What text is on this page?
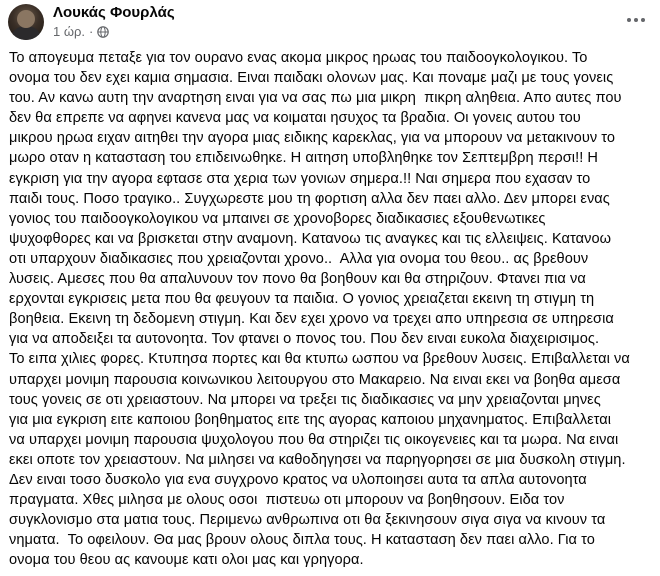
Λουκάς Φουρλάς
1 ώρ. ·
Το απογευμα πεταξε για τον ουρανο ενας ακομα μικρος ηρωας του παιδοογκολογικου. Το
ονομα του δεν εχει καμια σημασια. Ειναι παιδακι ολονων μας. Και ποναμε μαζι με τους γονεις
του. Αν κανω αυτη την αναρτηση ειναι για να σας πω μια μικρη  πικρη αληθεια. Απο αυτες που
δεν θα επρεπε να αφηνει κανενα μας να κοιμαται ησυχος τα βραδια. Οι γονεις αυτου του
μικρου ηρωα ειχαν αιτηθει την αγορα μιας ειδικης καρεκλας, για να μπορουν να μετακινουν το
μωρο οταν η κατασταση του επιδεινωθηκε. Η αιτηση υποβληθηκε τον Σεπτεμβρη περσι!! Η
εγκριση για την αγορα εφτασε στα χερια των γονιων σημερα.!! Ναι σημερα που εχασαν το
παιδι τους. Ποσο τραγικο.. Συγχωρεστε μου τη φορτιση αλλα δεν παει αλλο. Δεν μπορει ενας
γονιος του παιδοογκολογικου να μπαινει σε χρονοβορες διαδικασιες εξουθενωτικες
ψυχοφθορες και να βρισκεται στην αναμονη. Κατανοω τις αναγκες και τις ελλειψεις. Κατανοω
οτι υπαρχουν διαδικασιες που χρειαζονται χρονο..  Αλλα για ονομα του θεου.. ας βρεθουν
λυσεις. Αμεσες που θα απαλυνουν τον πονο θα βοηθουν και θα στηριζουν. Φτανει πια να
ερχονται εγκρισεις μετα που θα φευγουν τα παιδια. Ο γονιος χρειαζεται εκεινη τη στιγμη τη
βοηθεια. Εκεινη τη δεδομενη στιγμη. Και δεν εχει χρονο να τρεχει απο υπηρεσια σε υπηρεσια
για να αποδειξει τα αυτονοητα. Τον φτανει ο πονος του. Που δεν ειναι ευκολα διαχειρισιμος.
Το ειπα χιλιες φορες. Κτυπησα πορτες και θα κτυπω ωσπου να βρεθουν λυσεις. Επιβαλλεται να
υπαρχει μονιμη παρουσια κοινωνικου λειτουργου στο Μακαρειο. Να ειναι εκει να βοηθα αμεσα
τους γονεις σε οτι χρειαστουν. Να μπορει να τρεξει τις διαδικασιες να μην χρειαζονται μηνες
για μια εγκριση ειτε καποιου βοηθηματος ειτε της αγορας καποιου μηχανηματος. Επιβαλλεται
να υπαρχει μονιμη παρουσια ψυχολογου που θα στηριζει τις οικογενειες και τα μωρα. Να ειναι
εκει οποτε τον χρειαστουν. Να μιλησει να καθοδηγησει να παρηγορησει σε μια δυσκολη στιγμη.
Δεν ειναι τοσο δυσκολο για ενα συγχρονο κρατος να υλοποιησει αυτα τα απλα αυτονοητα
πραγματα. Χθες μιλησα με ολους οσοι  πιστευω οτι μπορουν να βοηθησουν. Ειδα τον
συγκλονισμο στα ματια τους. Περιμενω ανθρωπινα οτι θα ξεκινησουν σιγα σιγα να κινουν τα
νηματα.  Το οφειλουν. Θα μας βρουν ολους διπλα τους. Η κατασταση δεν παει αλλο. Για το
ονομα του θεου ας κανουμε κατι ολοι μας και γρηγορα.
